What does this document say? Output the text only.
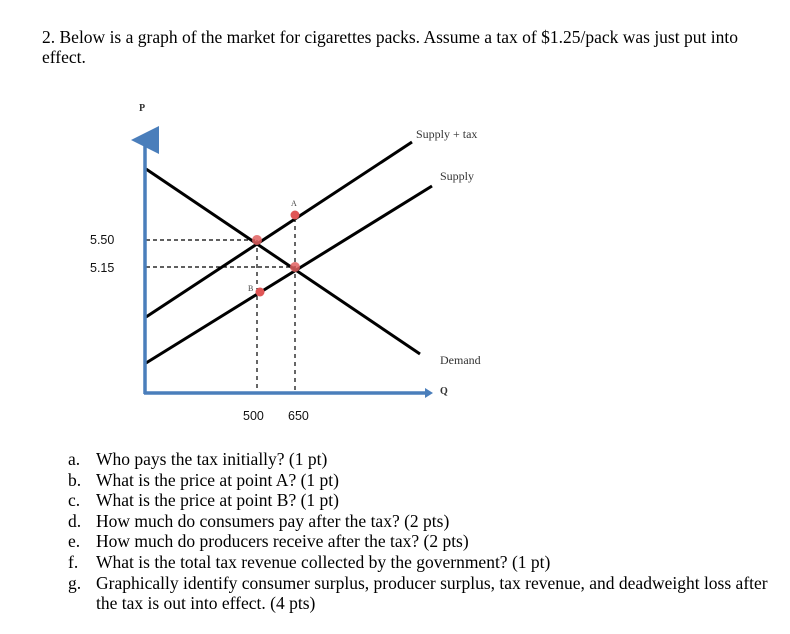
2. Below is a graph of the market for cigarettes packs. Assume a tax of $1.25/pack was just put into effect.
P
Q
Supply + tax
Supply
Demand
A
B
5.50
5.15
500 650
a. Who pays the tax initially? (1 pt)
b. What is the price at point A? (1 pt)
c. What is the price at point B? (1 pt)
d. How much do consumers pay after the tax? (2 pts)
e. How much do producers receive after the tax? (2 pts)
f.	What is the total tax revenue collected by the government? (1 pt)
g. Graphically identify consumer surplus, producer surplus, tax revenue, and deadweight loss after the tax is out into effect. (4 pts)
